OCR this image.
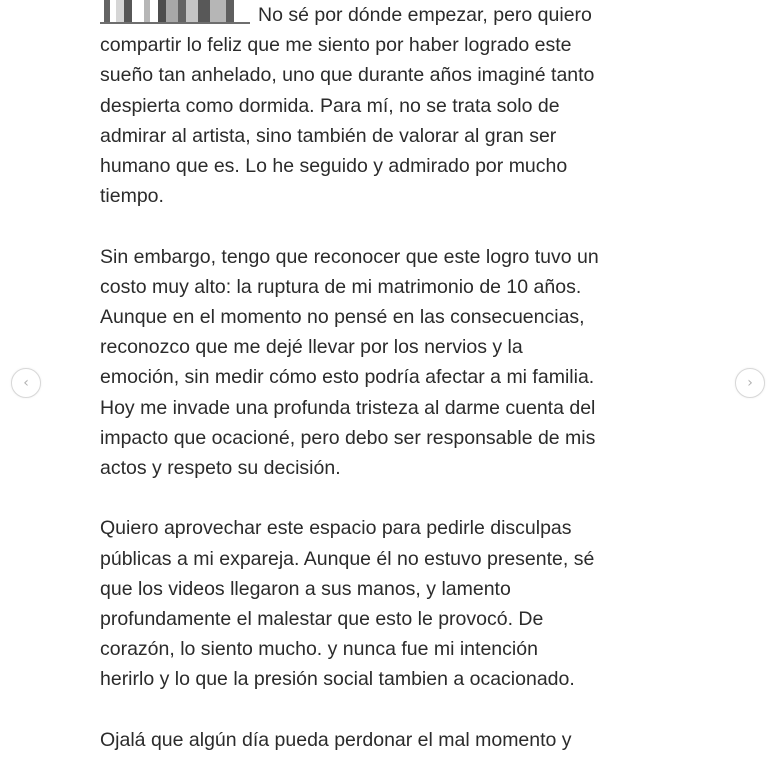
No sé por dónde empezar, pero quiero
compartir lo feliz que me siento por haber logrado este
sueño tan anhelado, uno que durante años imaginé tanto
despierta como dormida. Para mí, no se trata solo de
admirar al artista, sino también de valorar al gran ser
humano que es. Lo he seguido y admirado por mucho
tiempo.

Sin embargo, tengo que reconocer que este logro tuvo un
costo muy alto: la ruptura de mi matrimonio de 10 años.
Aunque en el momento no pensé en las consecuencias,
reconozco que me dejé llevar por los nervios y la
emoción, sin medir cómo esto podría afectar a mi familia.
Hoy me invade una profunda tristeza al darme cuenta del
impacto que ocacioné, pero debo ser responsable de mis
actos y respeto su decisión.

Quiero aprovechar este espacio para pedirle disculpas
públicas a mi expareja. Aunque él no estuvo presente, sé
que los videos llegaron a sus manos, y lamento
profundamente el malestar que esto le provocó. De
corazón, lo siento mucho. y nunca fue mi intención
herirlo y lo que la presión social tambien a ocacionado.

Ojalá que algún día pueda perdonar el mal momento y

‹	›
